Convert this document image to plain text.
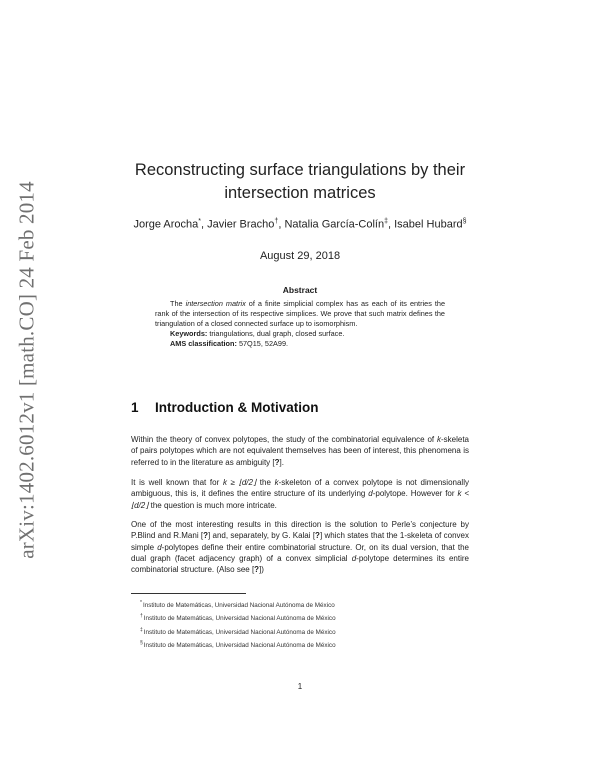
arXiv:1402.6012v1 [math.CO] 24 Feb 2014
Reconstructing surface triangulations by their
intersection matrices
Jorge Arocha*, Javier Bracho†, Natalia García-Colín‡, Isabel Hubard§
August 29, 2018
Abstract

The intersection matrix of a finite simplicial complex has as each of its entries the rank of the intersection of its respective simplices. We prove that such matrix defines the triangulation of a closed connected surface up to isomorphism.

Keywords: triangulations, dual graph, closed surface.

AMS classification: 57Q15, 52A99.

1 Introduction & Motivation

Within the theory of convex polytopes, the study of the combinatorial equivalence of k-skeleta of pairs polytopes which are not equivalent themselves has been of interest, this phenomena is referred to in the literature as ambiguity [?].

It is well known that for k ≥ ⌊d/2⌋ the k-skeleton of a convex polytope is not dimensionally ambiguous, this is, it defines the entire structure of its underlying d-polytope. However for k < ⌊d/2⌋ the question is much more intricate.

One of the most interesting results in this direction is the solution to Perle’s conjecture by P.Blind and R.Mani [?] and, separately, by G. Kalai [?] which states that the 1-skeleta of convex simple d-polytopes define their entire combinatorial structure. Or, on its dual version, that the dual graph (facet adjacency graph) of a convex simplicial d-polytope determines its entire combinatorial structure. (Also see [?])

*Instituto de Matemáticas, Universidad Nacional Autónoma de México
†Instituto de Matemáticas, Universidad Nacional Autónoma de México
‡Instituto de Matemáticas, Universidad Nacional Autónoma de México
§Instituto de Matemáticas, Universidad Nacional Autónoma de México
1
